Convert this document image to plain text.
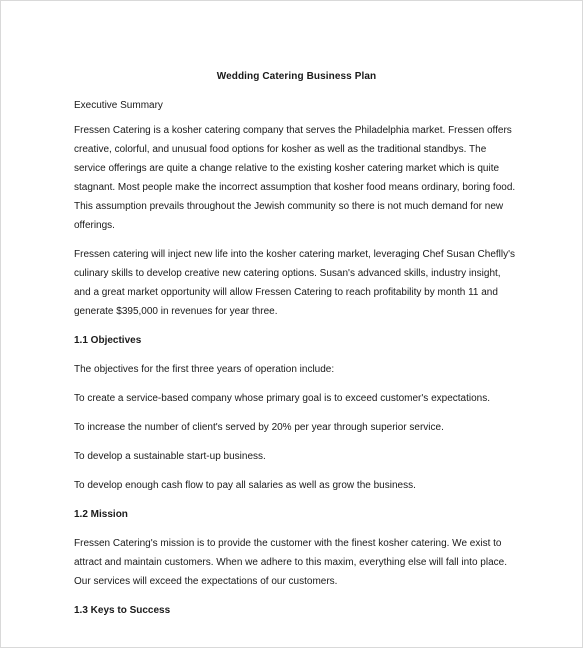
Wedding Catering Business Plan
Executive Summary

Fressen Catering is a kosher catering company that serves the Philadelphia market. Fressen offers creative, colorful, and unusual food options for kosher as well as the traditional standbys. The service offerings are quite a change relative to the existing kosher catering market which is quite stagnant. Most people make the incorrect assumption that kosher food means ordinary, boring food. This assumption prevails throughout the Jewish community so there is not much demand for new offerings.

Fressen catering will inject new life into the kosher catering market, leveraging Chef Susan Cheflly's culinary skills to develop creative new catering options. Susan's advanced skills, industry insight, and a great market opportunity will allow Fressen Catering to reach profitability by month 11 and generate $395,000 in revenues for year three.

1.1 Objectives

The objectives for the first three years of operation include:

To create a service-based company whose primary goal is to exceed customer's expectations.

To increase the number of client's served by 20% per year through superior service.

To develop a sustainable start-up business.

To develop enough cash flow to pay all salaries as well as grow the business.

1.2 Mission

Fressen Catering's mission is to provide the customer with the finest kosher catering. We exist to attract and maintain customers. When we adhere to this maxim, everything else will fall into place. Our services will exceed the expectations of our customers.

1.3 Keys to Success
